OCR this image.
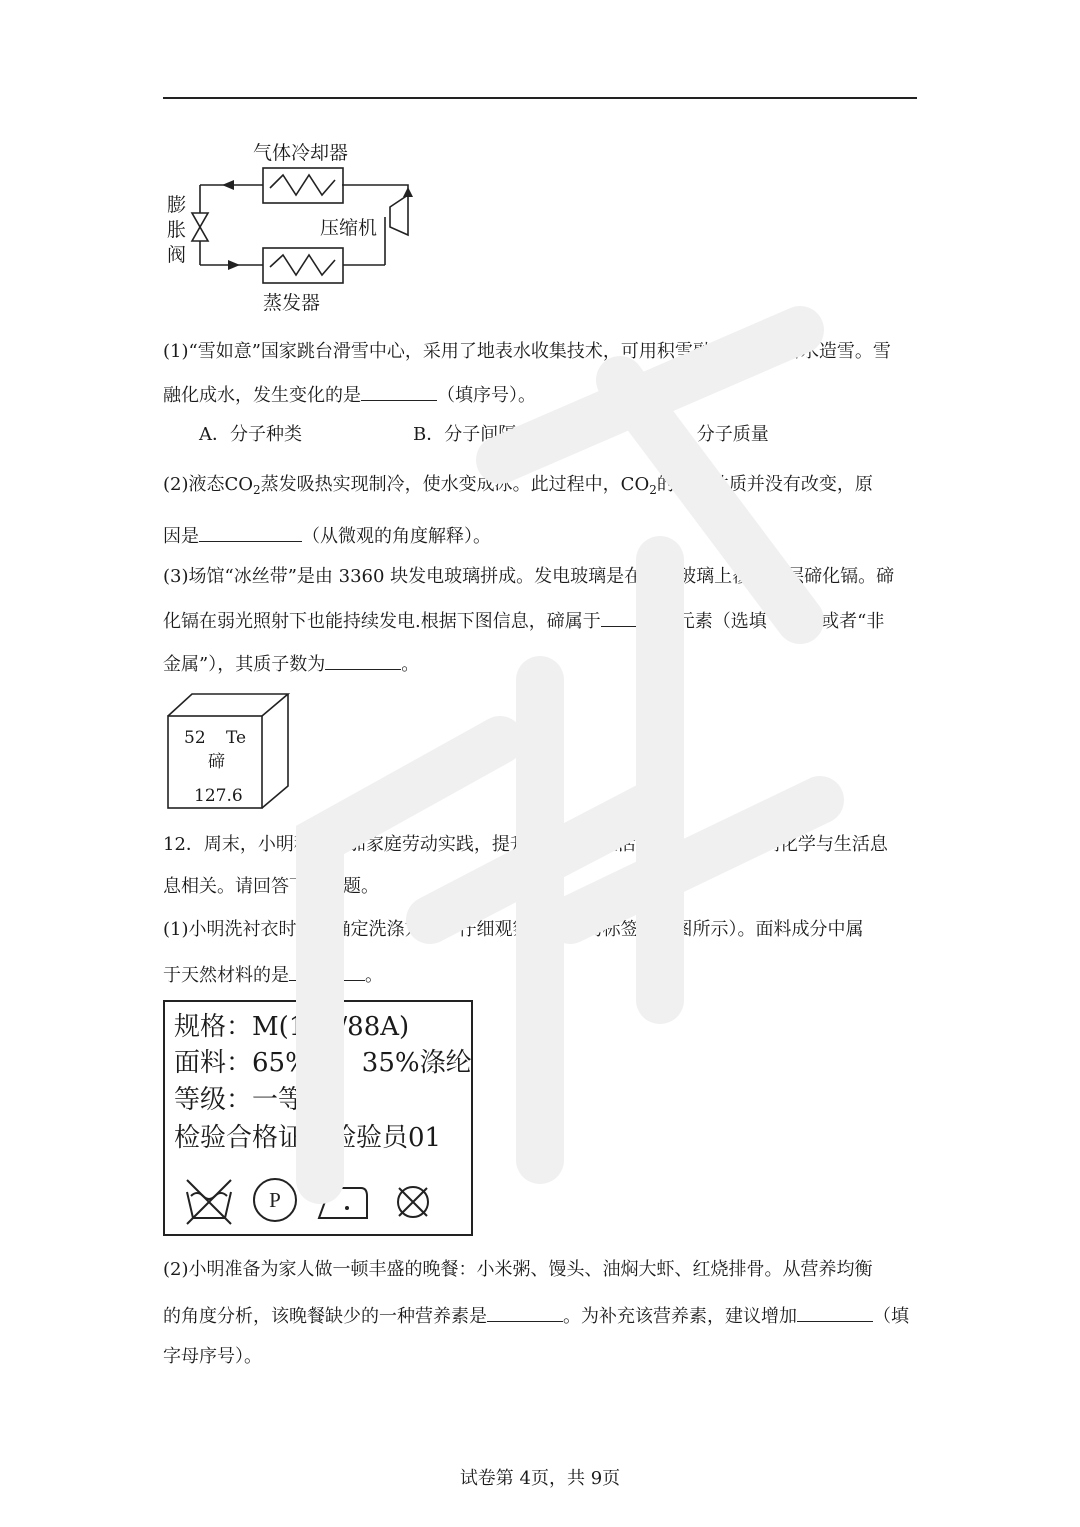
气体冷却器
膨
胀
阀
压缩机
蒸发器
(1)“雪如意”国家跳台滑雪中心，采用了地表水收集技术，可用积雪融化形成的雪水造雪。雪
融化成水，发生变化的是	（填序号）。
A．分子种类	B．分子间隔	C．分子质量
(2)液态$CO_2$蒸发吸热实现制冷，使水变成冰。此过程中，$CO_2$的化学性质并没有改变，原
因是	（从微观的角度解释）。
(3)场馆“冰丝带”是由 3360 块发电玻璃拼成。发电玻璃是在普通玻璃上覆盖一层碲化镉。碲
化镉在弱光照射下也能持续发电.根据下图信息，碲属于	元素（选填“金属”或者“非
金属”），其质子数为	。
52 Te
碲
127.6
12．周末，小明积极参加家庭劳动实践，提升了自己的生活技能，同时感受到化学与生活息
息相关。请回答下列问题。
(1)小明洗衬衣时，为确定洗涤方式，仔细观察了衣服的标签（如图所示）。面料成分中属
于天然材料的是	。
规格：M(165/88A)
面料：65%棉　35%涤纶
等级：一等品
检验合格证：检验员01
P
(2)小明准备为家人做一顿丰盛的晚餐：小米粥、馒头、油焖大虾、红烧排骨。从营养均衡
的角度分析，该晚餐缺少的一种营养素是	。为补充该营养素，建议增加	（填
字母序号）。
试卷第 4页，共 9页
